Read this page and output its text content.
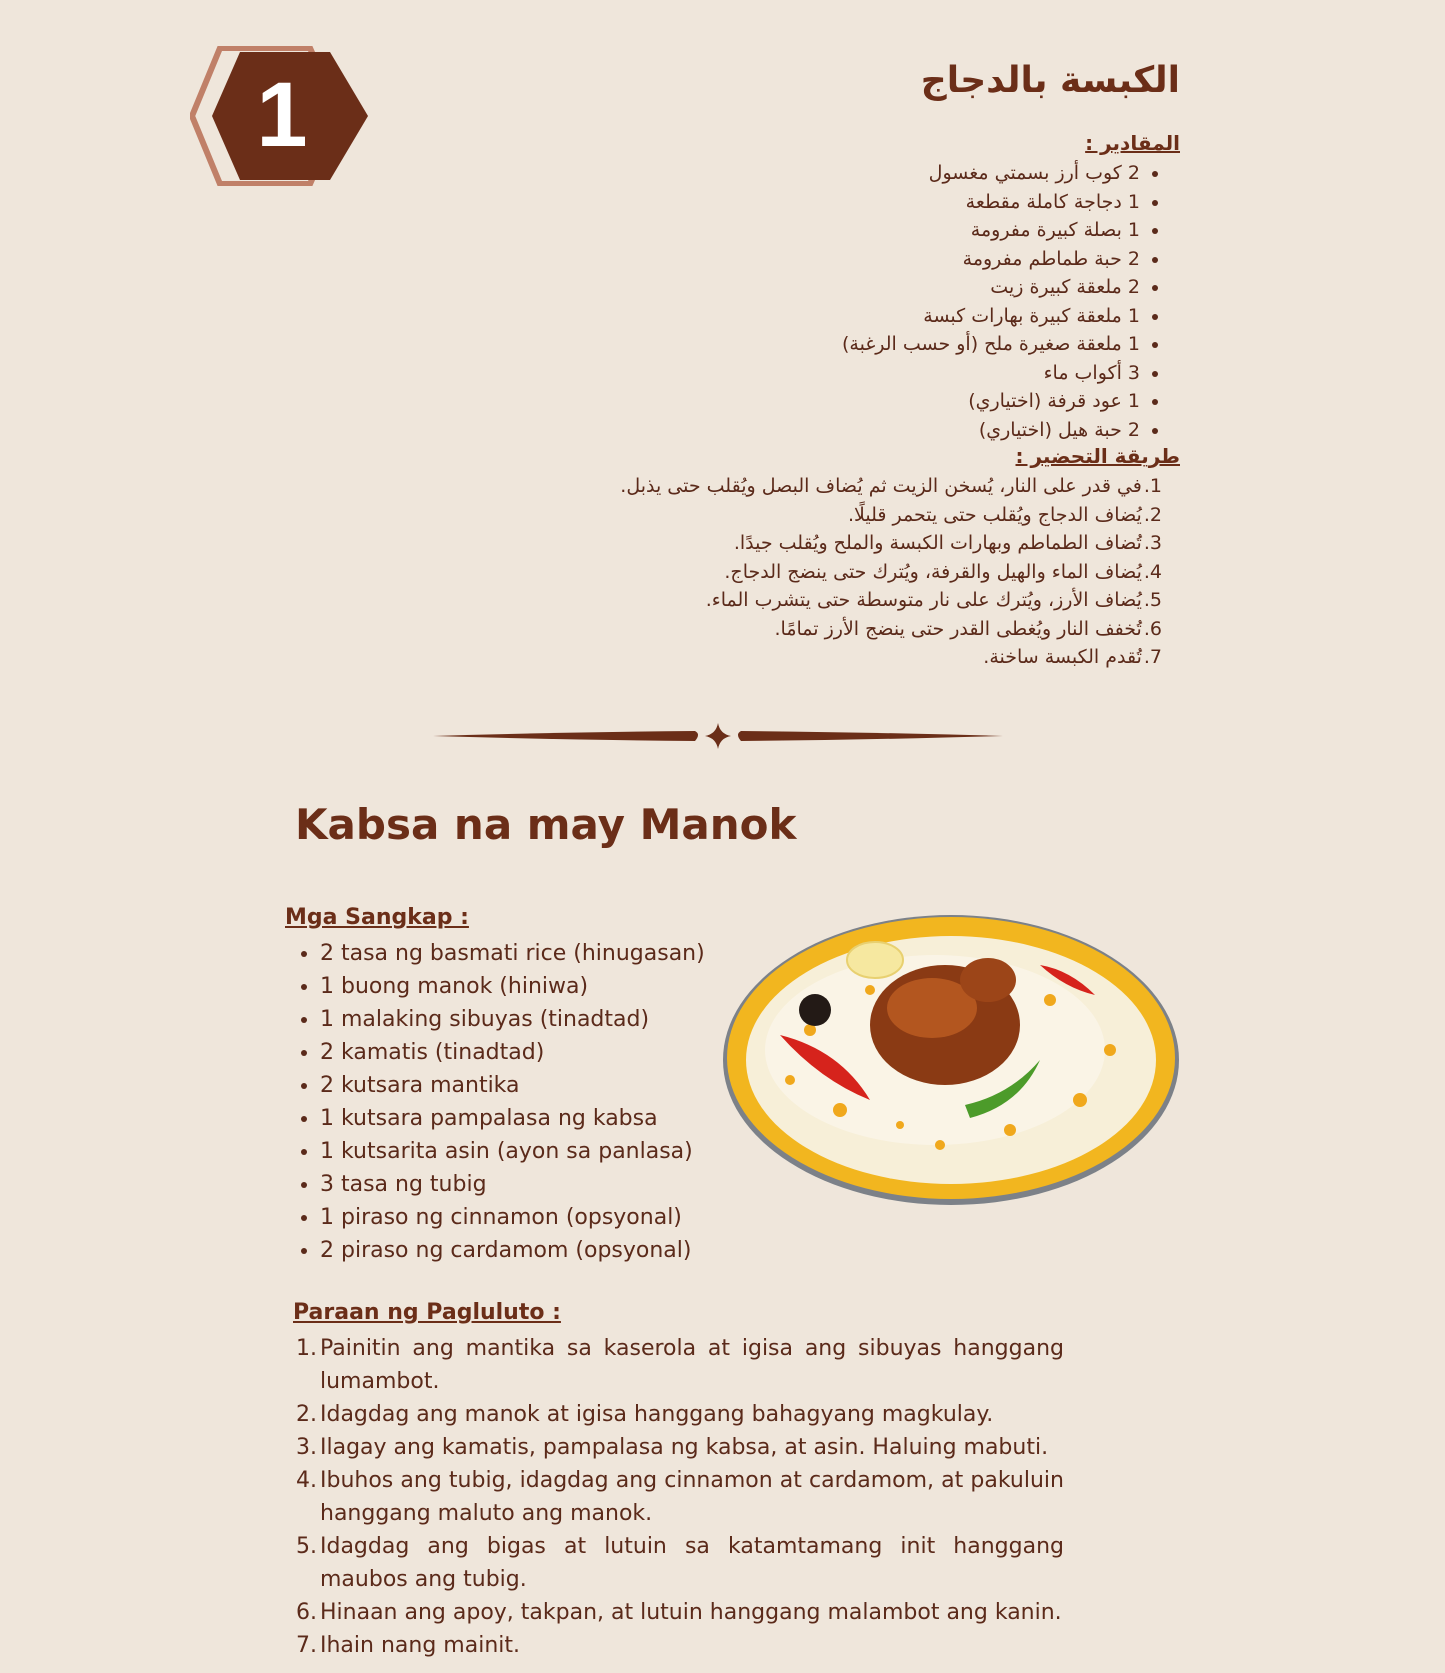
1	الكبسة بالدجاج
المقادير :
• 2 كوب أرز بسمتي مغسول
• 1 دجاجة كاملة مقطعة
• 1 بصلة كبيرة مفرومة
• 2 حبة طماطم مفرومة
• 2 ملعقة كبيرة زيت
• 1 ملعقة كبيرة بهارات كبسة
• 1 ملعقة صغيرة ملح (أو حسب الرغبة)
• 3 أكواب ماء
• 1 عود قرفة (اختياري)
• 2 حبة هيل (اختياري)
طريقة التحضير :
1.
في قدر على النار، يُسخن الزيت ثم يُضاف البصل ويُقلب حتى يذبل.
2.
يُضاف الدجاج ويُقلب حتى يتحمر قليلًا.
3.
تُضاف الطماطم وبهارات الكبسة والملح ويُقلب جيدًا.
4.
يُضاف الماء والهيل والقرفة، ويُترك حتى ينضج الدجاج.
5.
يُضاف الأرز، ويُترك على نار متوسطة حتى يتشرب الماء.
6.
تُخفف النار ويُغطى القدر حتى ينضج الأرز تمامًا.
7.
تُقدم الكبسة ساخنة.
Kabsa na may Manok
Mga Sangkap :
• 2 tasa ng basmati rice (hinugasan)
• 1 buong manok (hiniwa)
• 1 malaking sibuyas (tinadtad)
• 2 kamatis (tinadtad)
• 2 kutsara mantika
• 1 kutsara pampalasa ng kabsa
• 1 kutsarita asin (ayon sa panlasa)
• 3 tasa ng tubig
• 1 piraso ng cinnamon (opsyonal)
• 2 piraso ng cardamom (opsyonal)
Paraan ng Pagluluto :
1. Painitin ang mantika sa kaserola at igisa ang sibuyas hanggang lumambot.
2. Idagdag ang manok at igisa hanggang bahagyang magkulay.
3. Ilagay ang kamatis, pampalasa ng kabsa, at asin. Haluing mabuti.
4. Ibuhos ang tubig, idagdag ang cinnamon at cardamom, at pakuluin hanggang maluto ang manok.
5. Idagdag ang bigas at lutuin sa katamtamang init hanggang maubos ang tubig.
6. Hinaan ang apoy, takpan, at lutuin hanggang malambot ang kanin.
7. Ihain nang mainit.
